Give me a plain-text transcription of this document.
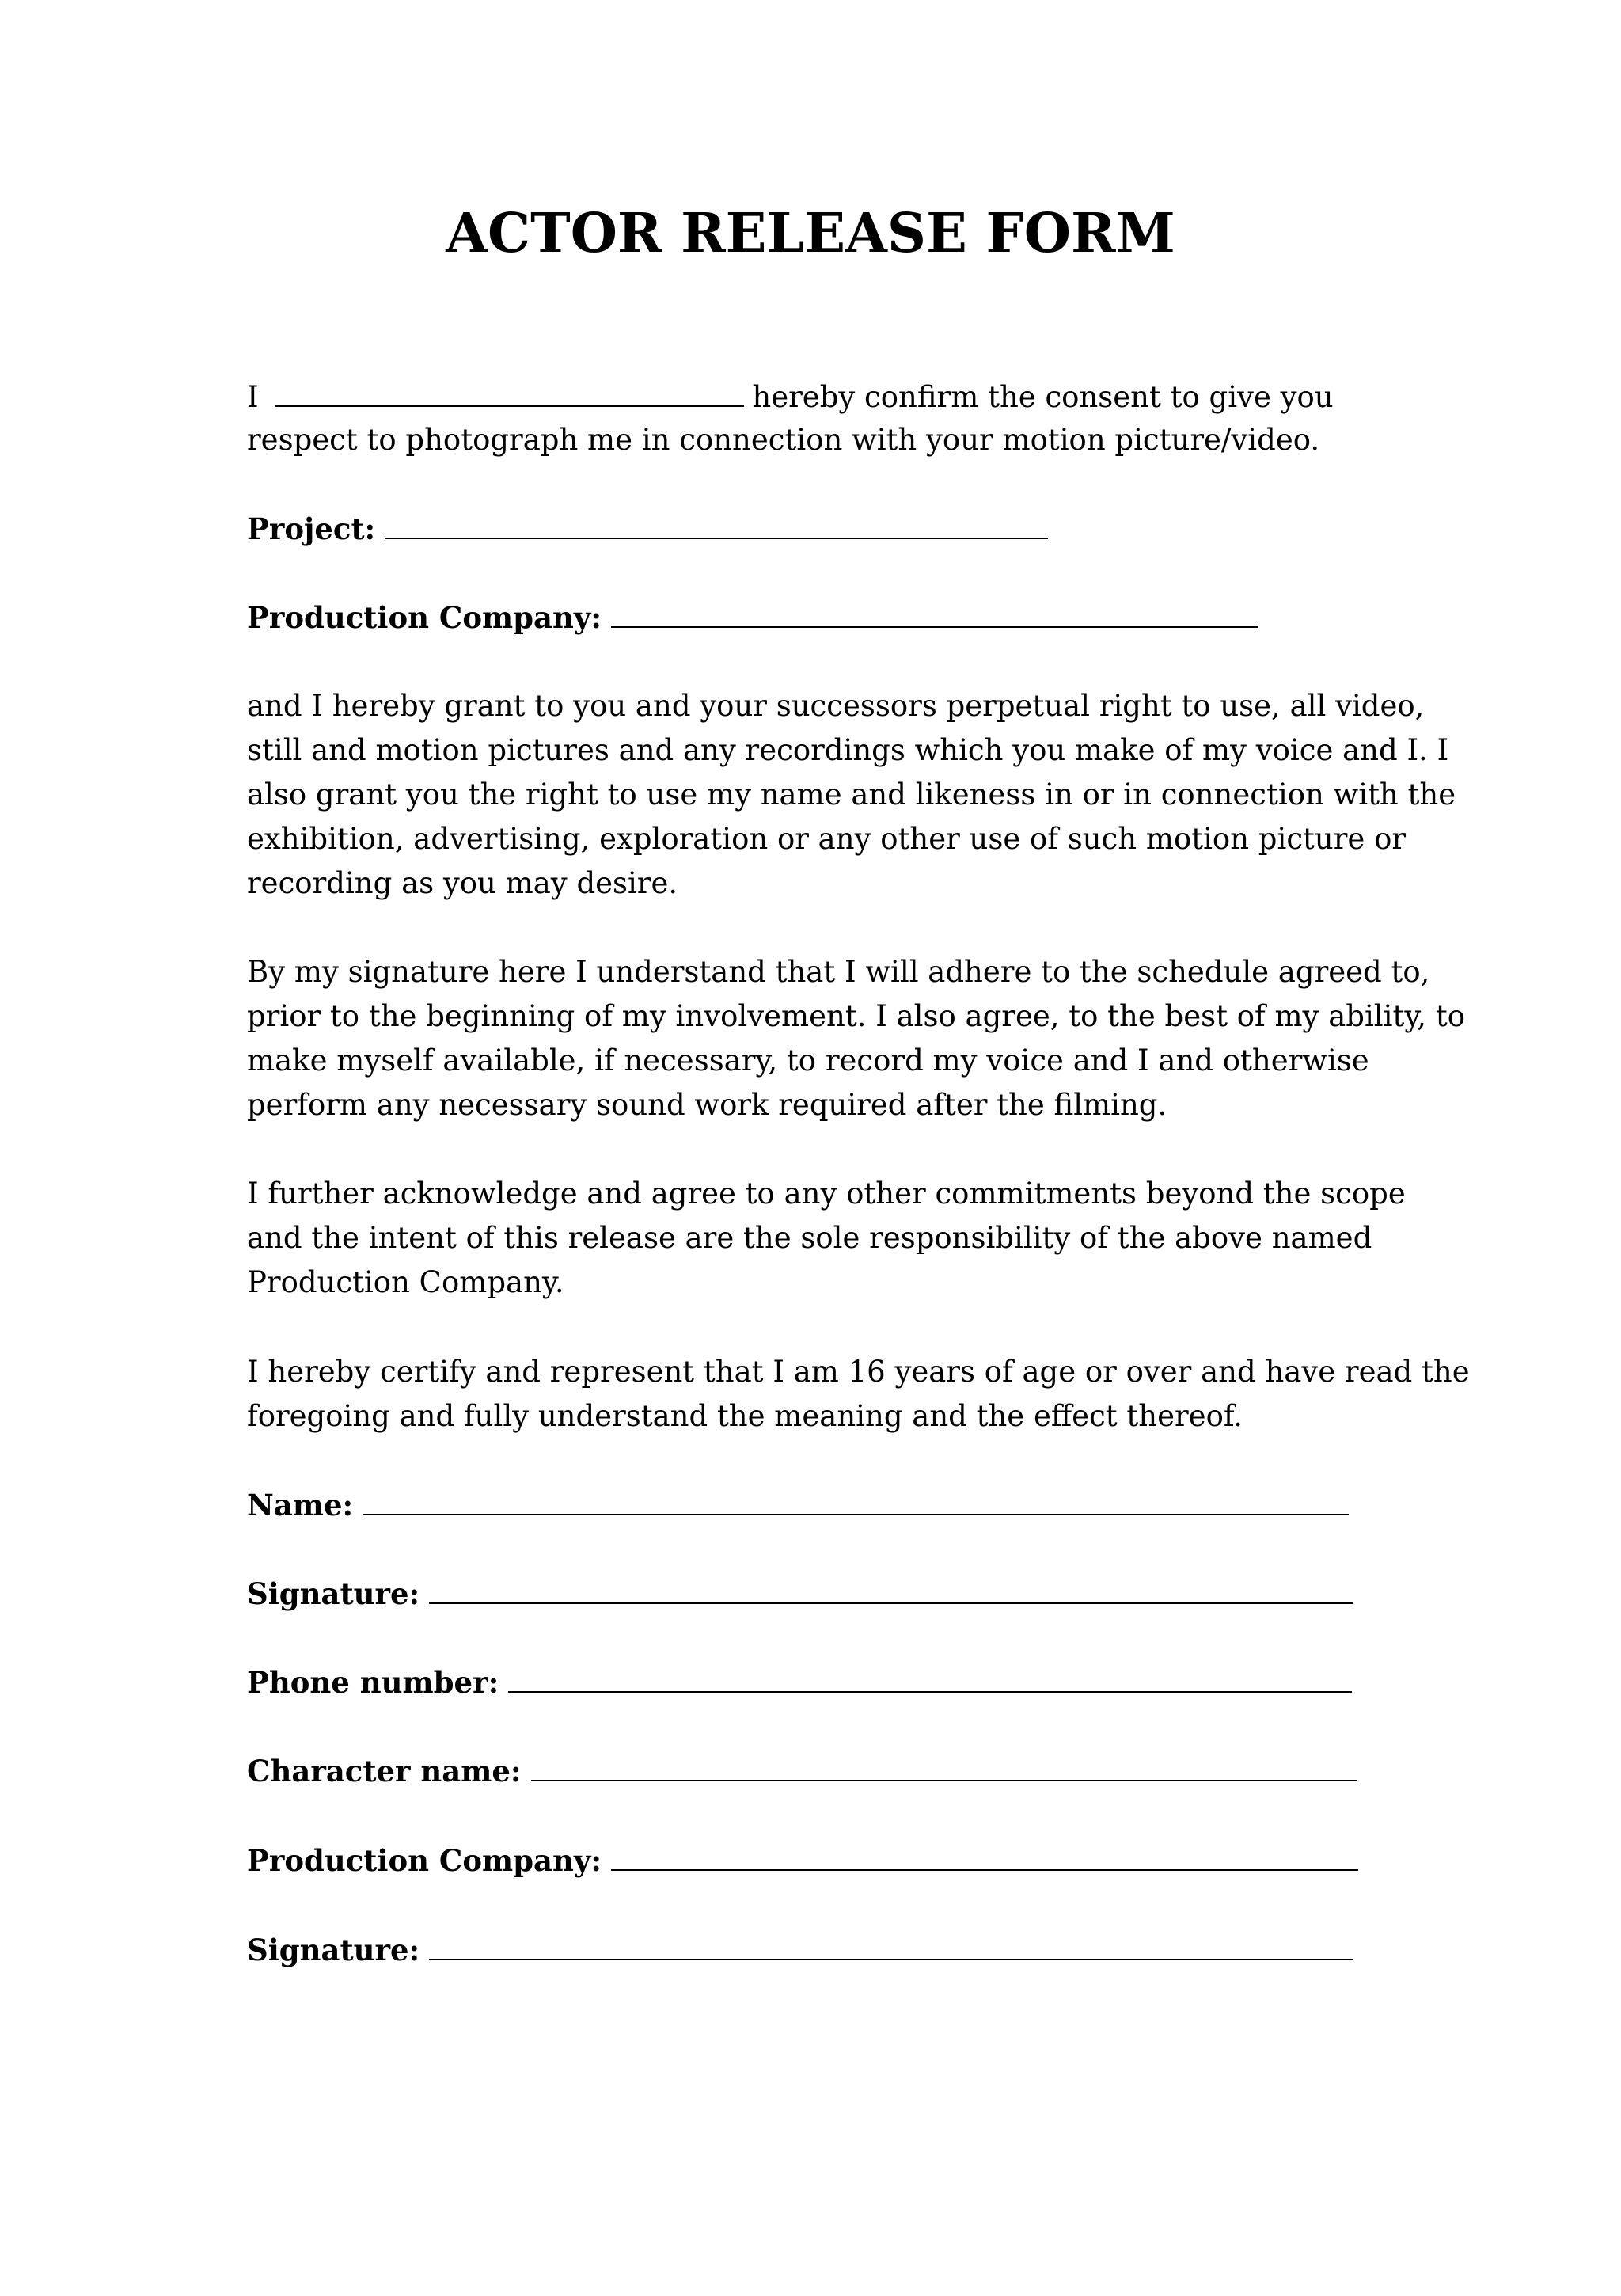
ACTOR RELEASE FORM
I	hereby confirm the consent to give you
respect to photograph me in connection with your motion picture/video.
Project:
Production Company:
and I hereby grant to you and your successors perpetual right to use, all video,
still and motion pictures and any recordings which you make of my voice and I. I
also grant you the right to use my name and likeness in or in connection with the
exhibition, advertising, exploration or any other use of such motion picture or
recording as you may desire.
By my signature here I understand that I will adhere to the schedule agreed to,
prior to the beginning of my involvement. I also agree, to the best of my ability, to
make myself available, if necessary, to record my voice and I and otherwise
perform any necessary sound work required after the filming.
I further acknowledge and agree to any other commitments beyond the scope
and the intent of this release are the sole responsibility of the above named
Production Company.
I hereby certify and represent that I am 16 years of age or over and have read the
foregoing and fully understand the meaning and the effect thereof.
Name:
Signature:
Phone number:
Character name:
Production Company:
Signature:
